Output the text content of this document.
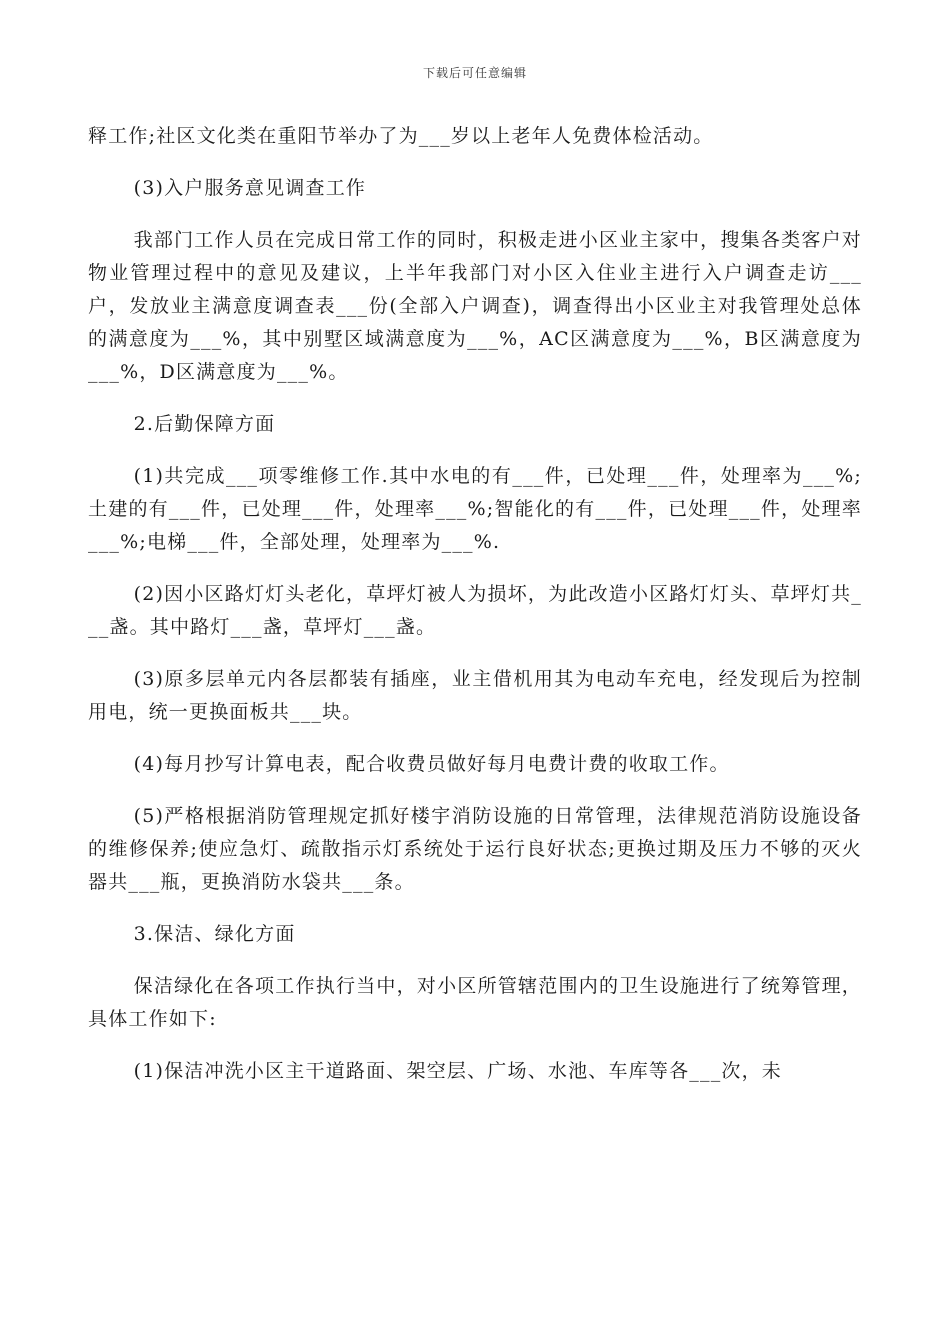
下载后可任意编辑

释工作;社区文化类在重阳节举办了为___岁以上老年人免费体检活动。

(3)入户服务意见调查工作

我部门工作人员在完成日常工作的同时，积极走进小区业主家中，搜集各类客户对物业管理过程中的意见及建议，上半年我部门对小区入住业主进行入户调查走访___户，发放业主满意度调查表___份(全部入户调查)，调查得出小区业主对我管理处总体的满意度为___%，其中别墅区域满意度为___%，AC区满意度为___%，B区满意度为___%，D区满意度为___%。

2.后勤保障方面

(1)共完成___项零维修工作.其中水电的有___件，已处理___件，处理率为___%;土建的有___件，已处理___件，处理率___%;智能化的有___件，已处理___件，处理率___%;电梯___件，全部处理，处理率为___%.

(2)因小区路灯灯头老化，草坪灯被人为损坏，为此改造小区路灯灯头、草坪灯共___盏。其中路灯___盏，草坪灯___盏。

(3)原多层单元内各层都装有插座，业主借机用其为电动车充电，经发现后为控制用电，统一更换面板共___块。

(4)每月抄写计算电表，配合收费员做好每月电费计费的收取工作。

(5)严格根据消防管理规定抓好楼宇消防设施的日常管理，法律规范消防设施设备的维修保养;使应急灯、疏散指示灯系统处于运行良好状态;更换过期及压力不够的灭火器共___瓶，更换消防水袋共___条。

3.保洁、绿化方面

保洁绿化在各项工作执行当中，对小区所管辖范围内的卫生设施进行了统筹管理，具体工作如下:

(1)保洁冲洗小区主干道路面、架空层、广场、水池、车库等各___次，未
